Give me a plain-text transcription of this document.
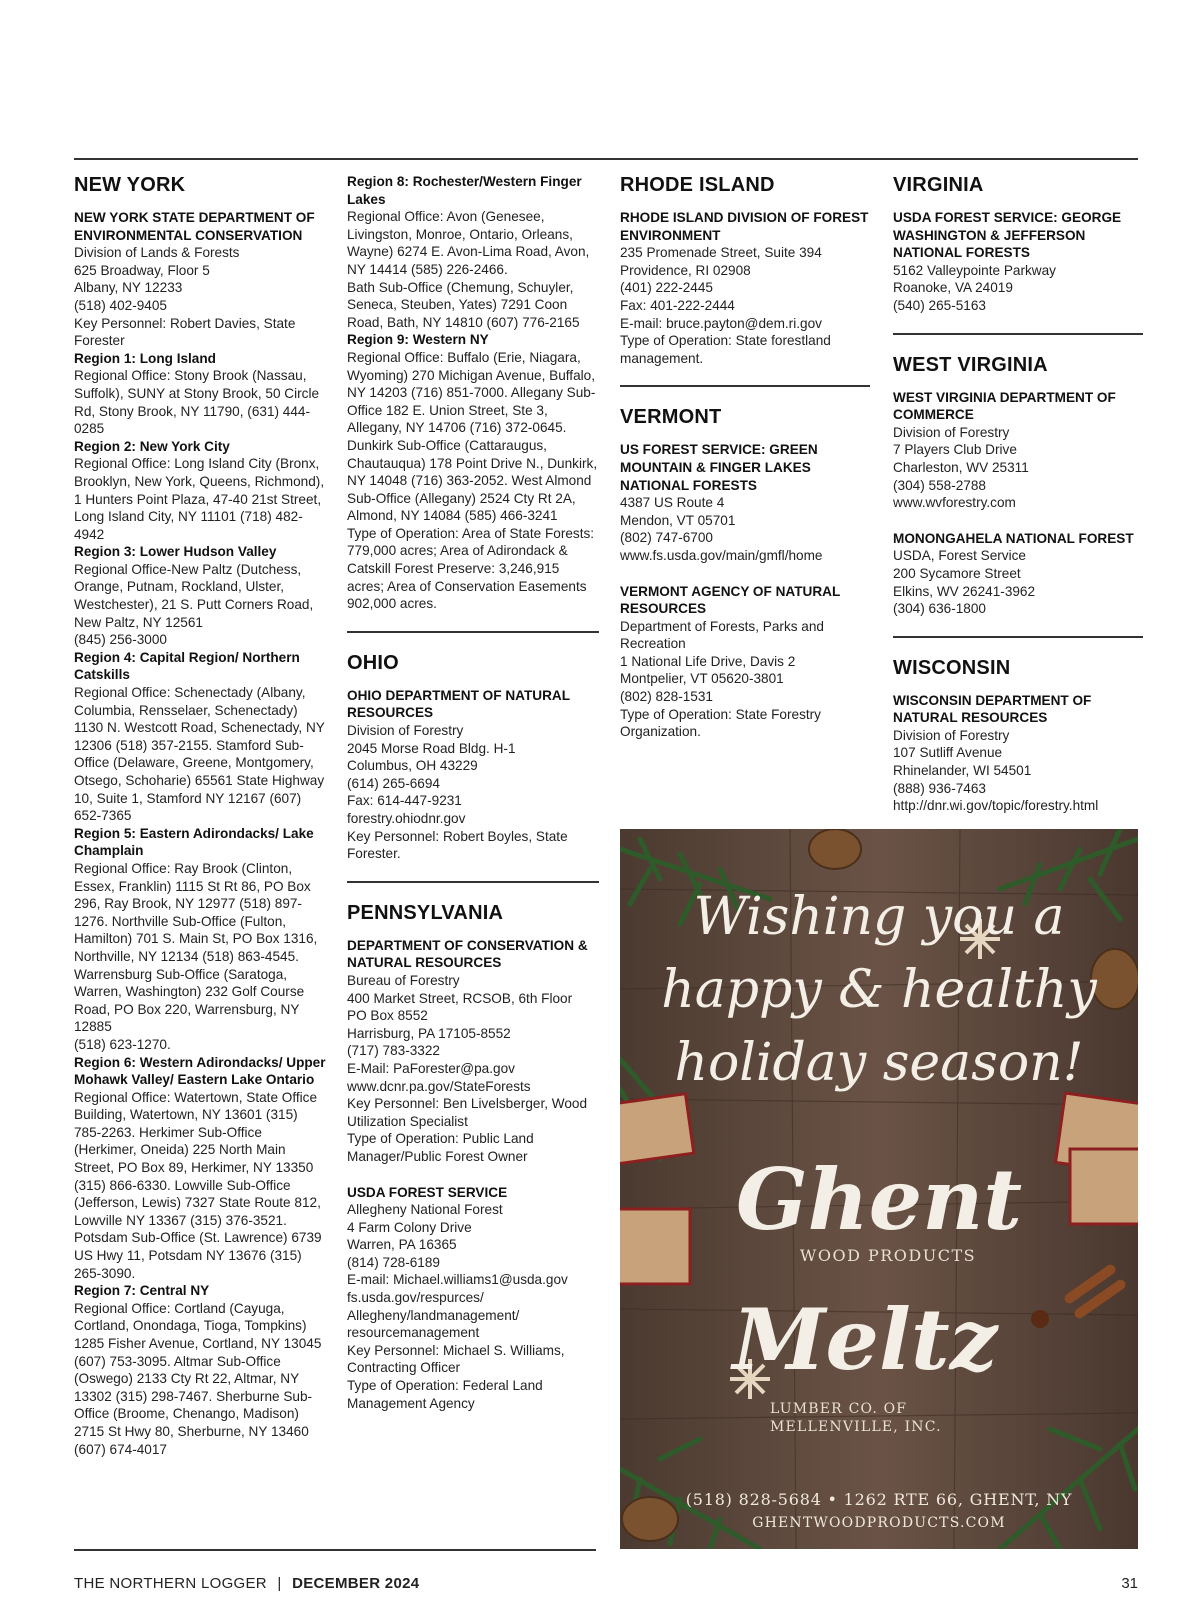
NEW YORK

NEW YORK STATE DEPARTMENT OF ENVIRONMENTAL CONSERVATION

Division of Lands & Forests

625 Broadway, Floor 5

Albany, NY 12233

(518) 402-9405

Key Personnel: Robert Davies, State Forester

Region 1: Long Island

Regional Office: Stony Brook (Nassau, Suffolk), SUNY at Stony Brook, 50 Circle Rd, Stony Brook, NY 11790, (631) 444-0285

Region 2: New York City

Regional Office: Long Island City (Bronx, Brooklyn, New York, Queens, Richmond), 1 Hunters Point Plaza, 47-40 21st Street, Long Island City, NY 11101 (718) 482-4942

Region 3: Lower Hudson Valley

Regional Office-New Paltz (Dutchess, Orange, Putnam, Rockland, Ulster, Westchester), 21 S. Putt Corners Road, New Paltz, NY 12561

(845) 256-3000

Region 4: Capital Region/ Northern Catskills

Regional Office: Schenectady (Albany, Columbia, Rensselaer, Schenectady) 1130 N. Westcott Road, Schenectady, NY 12306 (518) 357-2155. Stamford Sub-Office (Delaware, Greene, Montgomery, Otsego, Schoharie) 65561 State Highway 10, Suite 1, Stamford NY 12167 (607) 652-7365

Region 5: Eastern Adirondacks/ Lake Champlain

Regional Office: Ray Brook (Clinton, Essex, Franklin) 1115 St Rt 86, PO Box 296, Ray Brook, NY 12977 (518) 897-1276. Northville Sub-Office (Fulton, Hamilton) 701 S. Main St, PO Box 1316, Northville, NY 12134 (518) 863-4545. Warrensburg Sub-Office (Saratoga, Warren, Washington) 232 Golf Course Road, PO Box 220, Warrensburg, NY 12885

(518) 623-1270.

Region 6: Western Adirondacks/ Upper Mohawk Valley/ Eastern Lake Ontario

Regional Office: Watertown, State Office Building, Watertown, NY 13601 (315) 785-2263. Herkimer Sub-Office (Herkimer, Oneida) 225 North Main Street, PO Box 89, Herkimer, NY 13350 (315) 866-6330. Lowville Sub-Office (Jefferson, Lewis) 7327 State Route 812, Lowville NY 13367 (315) 376-3521. Potsdam Sub-Office (St. Lawrence) 6739 US Hwy 11, Potsdam NY 13676 (315) 265-3090.

Region 7: Central NY

Regional Office: Cortland (Cayuga, Cortland, Onondaga, Tioga, Tompkins) 1285 Fisher Avenue, Cortland, NY 13045 (607) 753-3095. Altmar Sub-Office (Oswego) 2133 Cty Rt 22, Altmar, NY 13302 (315) 298-7467. Sherburne Sub-Office (Broome, Chenango, Madison) 2715 St Hwy 80, Sherburne, NY 13460 (607) 674-4017

Region 8: Rochester/Western Finger Lakes

Regional Office: Avon (Genesee, Livingston, Monroe, Ontario, Orleans, Wayne) 6274 E. Avon-Lima Road, Avon, NY 14414 (585) 226-2466.

Bath Sub-Office (Chemung, Schuyler, Seneca, Steuben, Yates) 7291 Coon Road, Bath, NY 14810 (607) 776-2165

Region 9: Western NY

Regional Office: Buffalo (Erie, Niagara, Wyoming) 270 Michigan Avenue, Buffalo, NY 14203 (716) 851-7000. Allegany Sub-Office 182 E. Union Street, Ste 3, Allegany, NY 14706 (716) 372-0645. Dunkirk Sub-Office (Cattaraugus, Chautauqua) 178 Point Drive N., Dunkirk, NY 14048 (716) 363-2052. West Almond Sub-Office (Allegany) 2524 Cty Rt 2A, Almond, NY 14084 (585) 466-3241

Type of Operation: Area of State Forests: 779,000 acres; Area of Adirondack & Catskill Forest Preserve: 3,246,915 acres; Area of Conservation Easements 902,000 acres.

OHIO

OHIO DEPARTMENT OF NATURAL RESOURCES

Division of Forestry

2045 Morse Road Bldg. H-1

Columbus, OH 43229

(614) 265-6694

Fax: 614-447-9231

forestry.ohiodnr.gov

Key Personnel: Robert Boyles, State Forester.

PENNSYLVANIA

DEPARTMENT OF CONSERVATION & NATURAL RESOURCES

Bureau of Forestry

400 Market Street, RCSOB, 6th Floor

PO Box 8552

Harrisburg, PA 17105-8552

(717) 783-3322

E-Mail: PaForester@pa.gov

www.dcnr.pa.gov/StateForests

Key Personnel: Ben Livelsberger, Wood Utilization Specialist

Type of Operation: Public Land Manager/Public Forest Owner

USDA FOREST SERVICE

Allegheny National Forest

4 Farm Colony Drive

Warren, PA 16365

(814) 728-6189

E-mail: Michael.williams1@usda.gov

fs.usda.gov/respurces/ Allegheny/landmanagement/ resourcemanagement

Key Personnel: Michael S. Williams, Contracting Officer

Type of Operation: Federal Land Management Agency

RHODE ISLAND

RHODE ISLAND DIVISION OF FOREST ENVIRONMENT

235 Promenade Street, Suite 394

Providence, RI 02908

(401) 222-2445

Fax: 401-222-2444

E-mail: bruce.payton@dem.ri.gov

Type of Operation: State forestland management.

VERMONT

US FOREST SERVICE: GREEN MOUNTAIN & FINGER LAKES NATIONAL FORESTS

4387 US Route 4

Mendon, VT 05701

(802) 747-6700

www.fs.usda.gov/main/gmfl/home

VERMONT AGENCY OF NATURAL RESOURCES

Department of Forests, Parks and Recreation

1 National Life Drive, Davis 2

Montpelier, VT 05620-3801

(802) 828-1531

Type of Operation: State Forestry Organization.

VIRGINIA

USDA FOREST SERVICE: GEORGE WASHINGTON & JEFFERSON NATIONAL FORESTS

5162 Valleypointe Parkway

Roanoke, VA 24019

(540) 265-5163

WEST VIRGINIA

WEST VIRGINIA DEPARTMENT OF COMMERCE

Division of Forestry

7 Players Club Drive

Charleston, WV 25311

(304) 558-2788

www.wvforestry.com

MONONGAHELA NATIONAL FOREST

USDA, Forest Service

200 Sycamore Street

Elkins, WV 26241-3962

(304) 636-1800

WISCONSIN

WISCONSIN DEPARTMENT OF NATURAL RESOURCES

Division of Forestry

107 Sutliff Avenue

Rhinelander, WI 54501

(888) 936-7463

http://dnr.wi.gov/topic/forestry.html

Wishing you a
happy & healthy
holiday season!
Ghent
WOOD PRODUCTS
Meltz
LUMBER CO. OF
MELLENVILLE, INC.
(518) 828-5684 • 1262 RTE 66, GHENT, NY
GHENTWOODPRODUCTS.COM
THE NORTHERN LOGGER | DECEMBER 2024	31
